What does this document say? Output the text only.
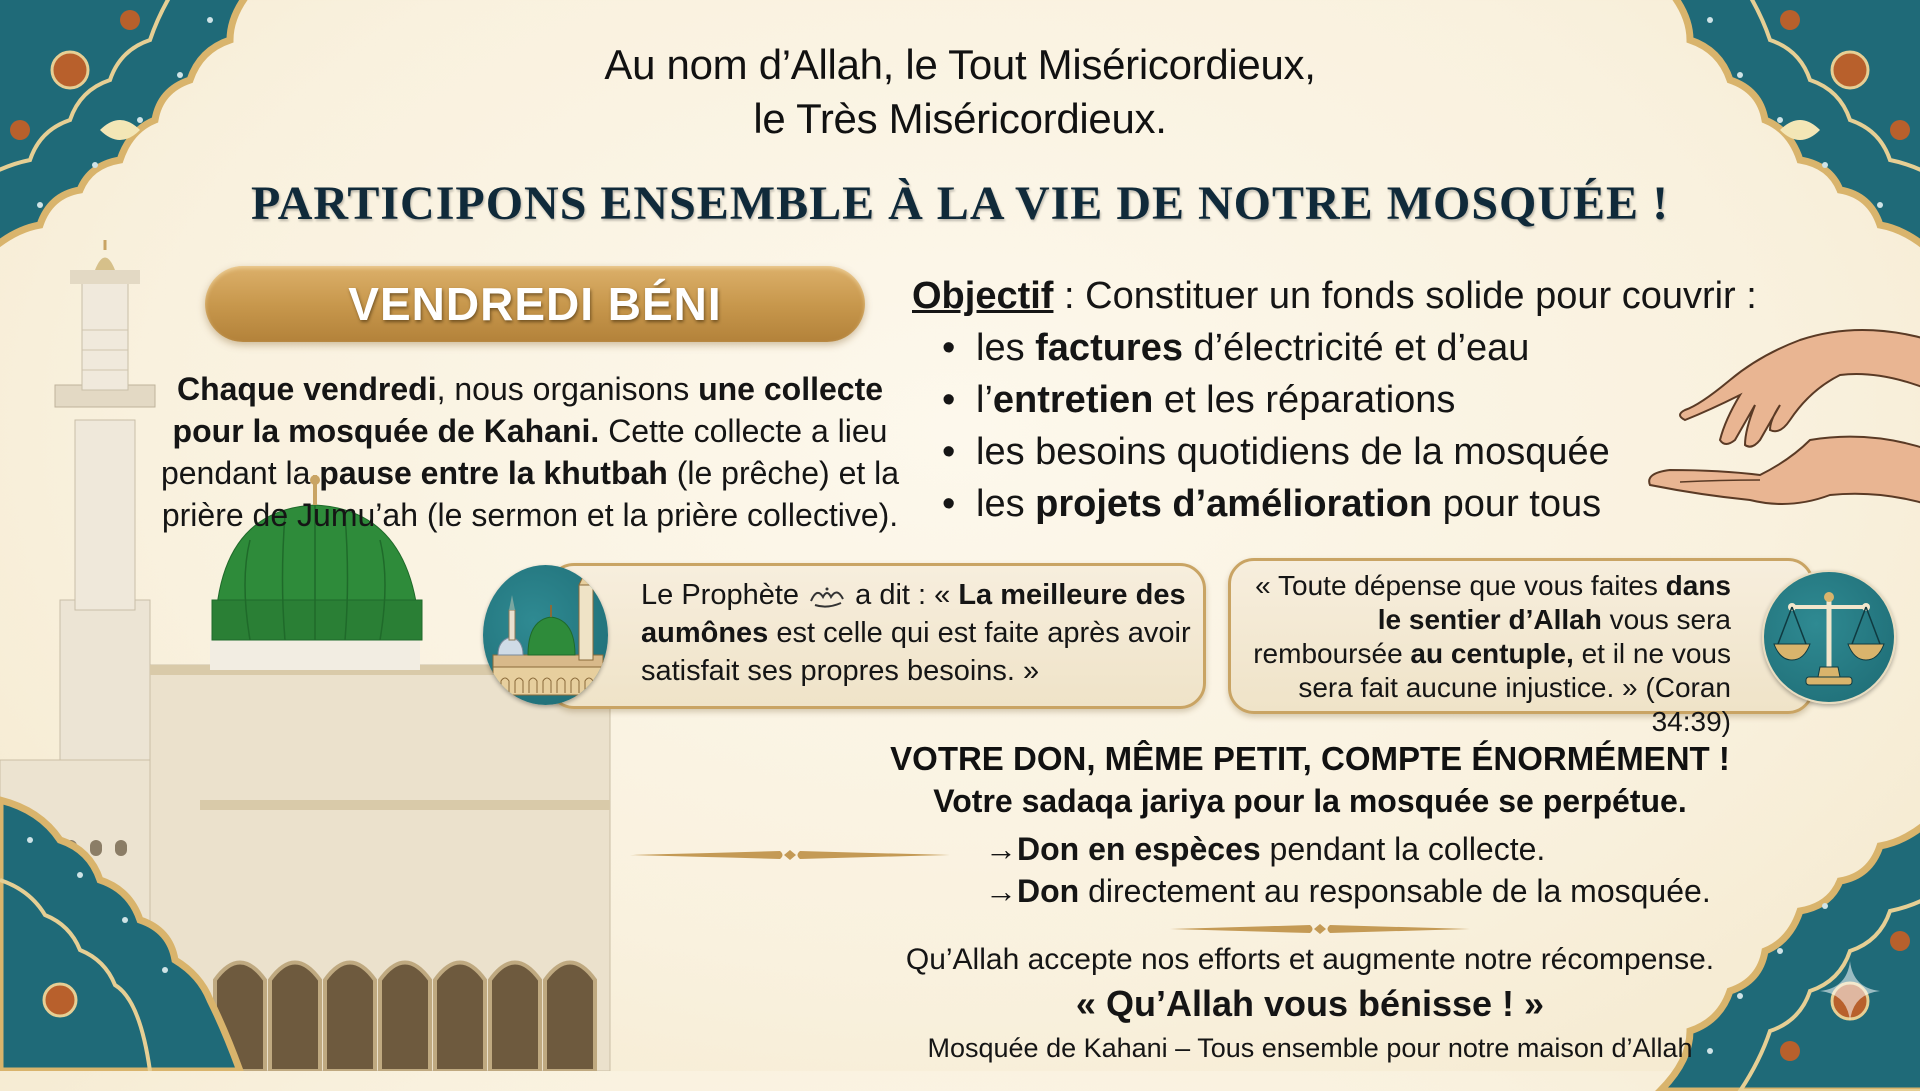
Au nom d’Allah, le Tout Miséricordieux,
le Très Miséricordieux.
PARTICIPONS ENSEMBLE À LA VIE DE NOTRE MOSQUÉE !
VENDREDI BÉNI
Chaque vendredi, nous organisons une collecte pour la mosquée de Kahani. Cette collecte a lieu pendant la pause entre la khutbah (le prêche) et la prière de Jumu’ah (le sermon et la prière collective).
Objectif : Constituer un fonds solide pour couvrir :
• les factures d’électricité et d’eau
• l’entretien et les réparations
• les besoins quotidiens de la mosquée
• les projets d’amélioration pour tous
Le Prophète  a dit : « La meilleure des aumônes est celle qui est faite après avoir satisfait ses propres besoins. »
« Toute dépense que vous faites dans le sentier d’Allah vous sera remboursée au centuple, et il ne vous sera fait aucune injustice. » (Coran 34:39)
VOTRE DON, MÊME PETIT, COMPTE ÉNORMÉMENT !
Votre sadaqa jariya pour la mosquée se perpétue.
→ Don en espèces pendant la collecte.
→ Don directement au responsable de la mosquée.
Qu’Allah accepte nos efforts et augmente notre récompense.
« Qu’Allah vous bénisse ! »
Mosquée de Kahani – Tous ensemble pour notre maison d’Allah
